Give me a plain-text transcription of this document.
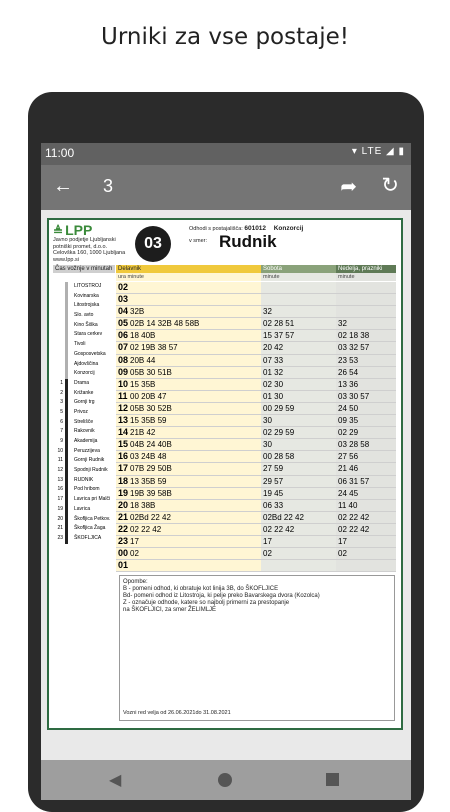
Urniki za vse postaje!
11:00	▾ LTE ◢ ▮
← 3	➦ ↻
≜ LPP
Javno podjetje Ljubljanski
potniški promet, d.o.o.
Celovška 160, 1000 Ljubljana
www.lpp.si
03
Odhodi s postajališča: 601012 Konzorcij
v smer: Rudnik
Čas vožnje v minutah Delavnik	Sobota	Nedelja, prazniki
ura minute	minute	minute
LITOSTROJ
Kovinarska
Litostrojska
Slo. avto
Kino Šiška
Stara cerkev
Tivoli
Gosposvetska
Ajdovščina
Konzorcij
1 Drama
2 Križanke
3 Gornji trg
5 Privoz
6 Strelišče
7 Rakovnik
9 Akademija
10 Peruzzijeva
11 Gornji Rudnik
12 Spodnji Rudnik
13 RUDNIK
16 Pod hribom
17 Lavrica pri Malči
19 Lavrica
20 Škofljica Petkov.
21 Škofljica Žaga
23 ŠKOFLJICA
02
03
04 32B	32
05 02B 14 32B 48 58B	02 28 51	32
06 18 40B	15 37 57	02 18 38
07 02 19B 38 57	20 42	03 32 57
08 20B 44	07 33	23 53
09 05B 30 51B	01 32	26 54
10 15 35B	02 30	13 36
11 00 20B 47	01 30	03 30 57
12 05B 30 52B	00 29 59	24 50
13 15 35B 59	30	09 35
14 21B 42	02 29 59	02 29
15 04B 24 40B	30	03 28 58
16 03 24B 48	00 28 58	27 56
17 07B 29 50B	27 59	21 46
18 13 35B 59	29 57	06 31 57
19 19B 39 58B	19 45	24 45
20 18 38B	06 33	11 40
21 02Bd 22 42	02Bd 22 42	02 22 42
22 02 22 42	02 22 42	02 22 42
23 17	17	17
00 02	02	02
01
Opombe:
B - pomeni odhod, ki obratuje kot linija 3B, do ŠKOFLJICE
Bd- pomeni odhod iz Litostroja, ki pelje preko Bavarskega dvora (Kozolca)
Z - označuje odhode, katere so najbolj primerni za prestopanje
na ŠKOFLJICI, za smer ŽELIMLJE
Vozni red velja od 26.06.2021do 31.08.2021
◀
